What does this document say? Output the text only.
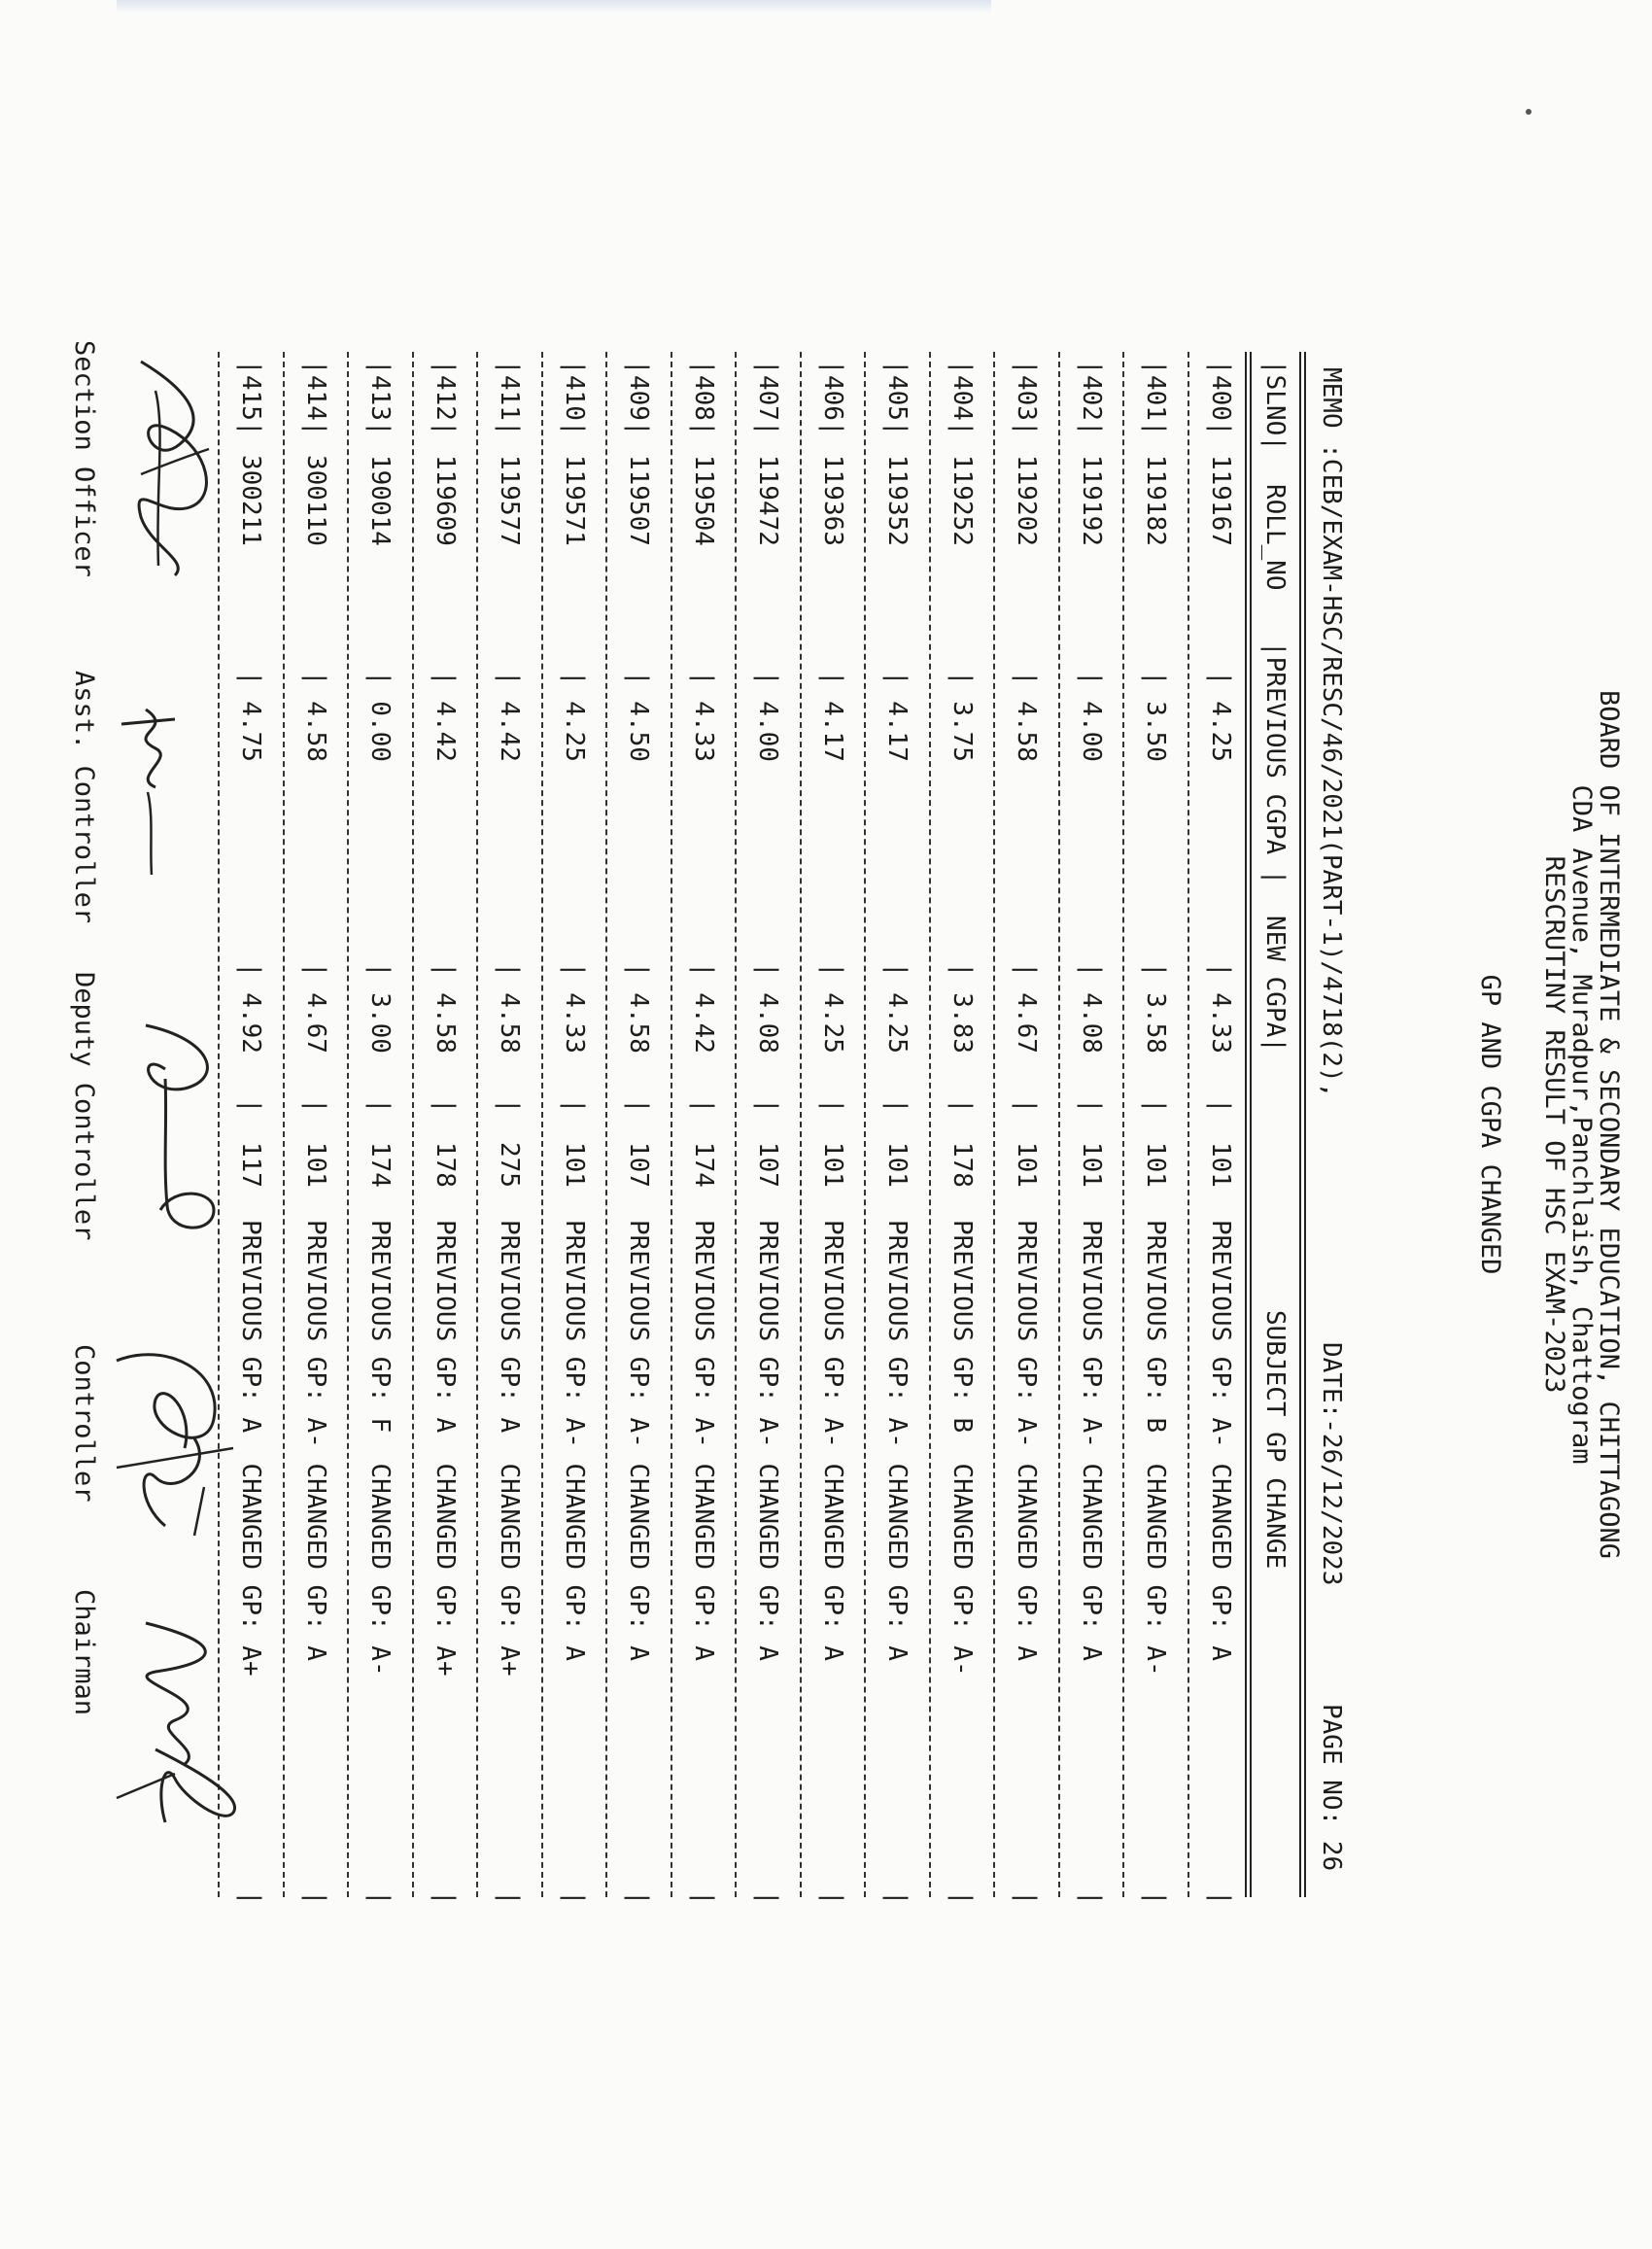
BOARD OF INTERMEDIATE & SECONDARY EDUCATION, CHITTAGONG
CDA Avenue, Muradpur,Panchlaish, Chattogram
RESCRUTINY RESULT OF HSC EXAM-2023
GP AND CGPA CHANGED

MEMO :CEB/EXAM-HSC/RESC/46/2021(PART-1)/4718(2),

DATE:-26/12/2023

PAGE NO: 26

|SLNO|

ROLL_NO

|PREVIOUS CGPA |

NEW CGPA|

SUBJECT GP CHANGE

|
400|
119167
| 4.25
| 4.33
|
101
PREVIOUS GP: A- CHANGED GP: A
|
|
401|
119182
| 3.50
| 3.58
|
101
PREVIOUS GP: B  CHANGED GP: A-
|
|
402|
119192
| 4.00
| 4.08
|
101
PREVIOUS GP: A- CHANGED GP: A
|
|
403|
119202
| 4.58
| 4.67
|
101
PREVIOUS GP: A- CHANGED GP: A
|
|
404|
119252
| 3.75
| 3.83
|
178
PREVIOUS GP: B  CHANGED GP: A-
|
|
405|
119352
| 4.17
| 4.25
|
101
PREVIOUS GP: A- CHANGED GP: A
|
|
406|
119363
| 4.17
| 4.25
|
101
PREVIOUS GP: A- CHANGED GP: A
|
|
407|
119472
| 4.00
| 4.08
|
107
PREVIOUS GP: A- CHANGED GP: A
|
|
408|
119504
| 4.33
| 4.42
|
174
PREVIOUS GP: A- CHANGED GP: A
|
|
409|
119507
| 4.50
| 4.58
|
107
PREVIOUS GP: A- CHANGED GP: A
|
|
410|
119571
| 4.25
| 4.33
|
101
PREVIOUS GP: A- CHANGED GP: A
|
|
411|
119577
| 4.42
| 4.58
|
275
PREVIOUS GP: A  CHANGED GP: A+
|
|
412|
119609
| 4.42
| 4.58
|
178
PREVIOUS GP: A  CHANGED GP: A+
|
|
413|
190014
| 0.00
| 3.00
|
174
PREVIOUS GP: F  CHANGED GP: A-
|
|
414|
300110
| 4.58
| 4.67
|
101
PREVIOUS GP: A- CHANGED GP: A
|
|
415|
300211
| 4.75
| 4.92
|
117
PREVIOUS GP: A  CHANGED GP: A+
|
Section Officer
Asst. Controller
Deputy Controller
Controller
Chairman
